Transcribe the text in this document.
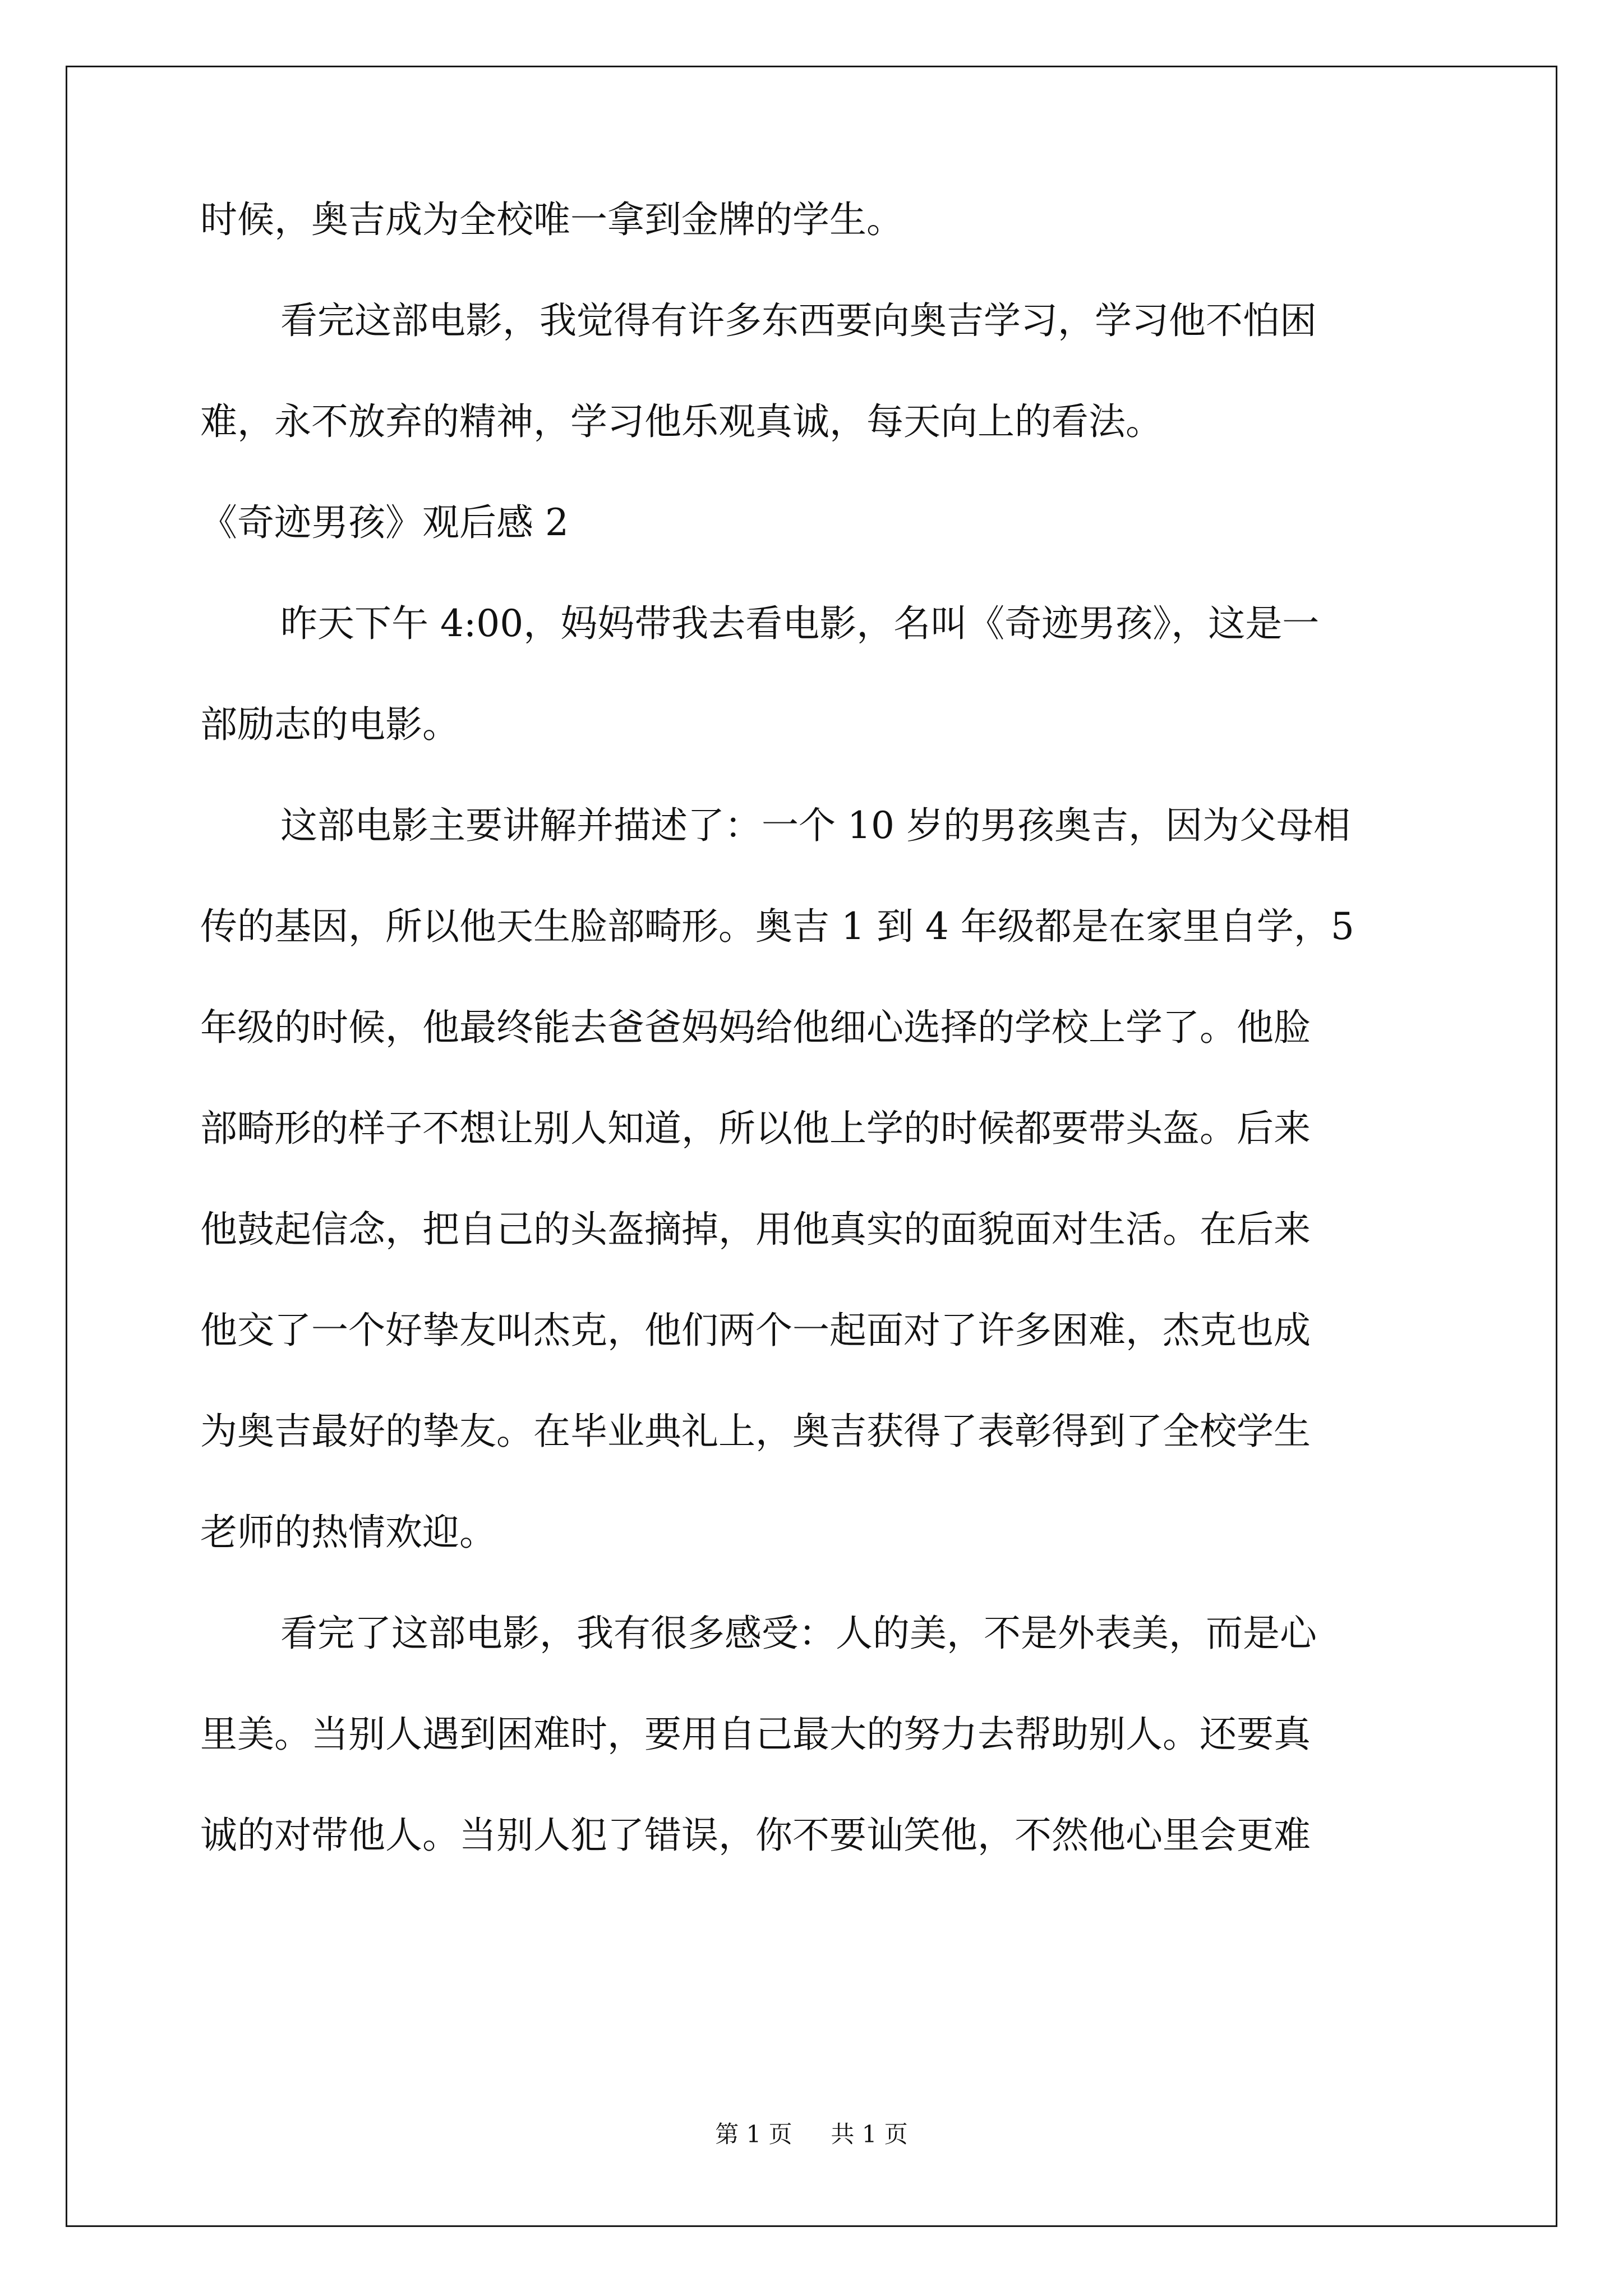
时候，奥吉成为全校唯一拿到金牌的学生。
看完这部电影，我觉得有许多东西要向奥吉学习，学习他不怕困
难，永不放弃的精神，学习他乐观真诚，每天向上的看法。
《奇迹男孩》观后感 2
昨天下午 4:00，妈妈带我去看电影，名叫《奇迹男孩》，这是一
部励志的电影。
这部电影主要讲解并描述了：一个 10 岁的男孩奥吉，因为父母相
传的基因，所以他天生脸部畸形。奥吉 1 到 4 年级都是在家里自学，5
年级的时候，他最终能去爸爸妈妈给他细心选择的学校上学了。他脸
部畸形的样子不想让别人知道，所以他上学的时候都要带头盔。后来
他鼓起信念，把自己的头盔摘掉，用他真实的面貌面对生活。在后来
他交了一个好挚友叫杰克，他们两个一起面对了许多困难，杰克也成
为奥吉最好的挚友。在毕业典礼上，奥吉获得了表彰得到了全校学生
老师的热情欢迎。
看完了这部电影，我有很多感受：人的美，不是外表美，而是心
里美。当别人遇到困难时，要用自己最大的努力去帮助别人。还要真
诚的对带他人。当别人犯了错误，你不要讪笑他，不然他心里会更难
第 1 页 共 1 页
